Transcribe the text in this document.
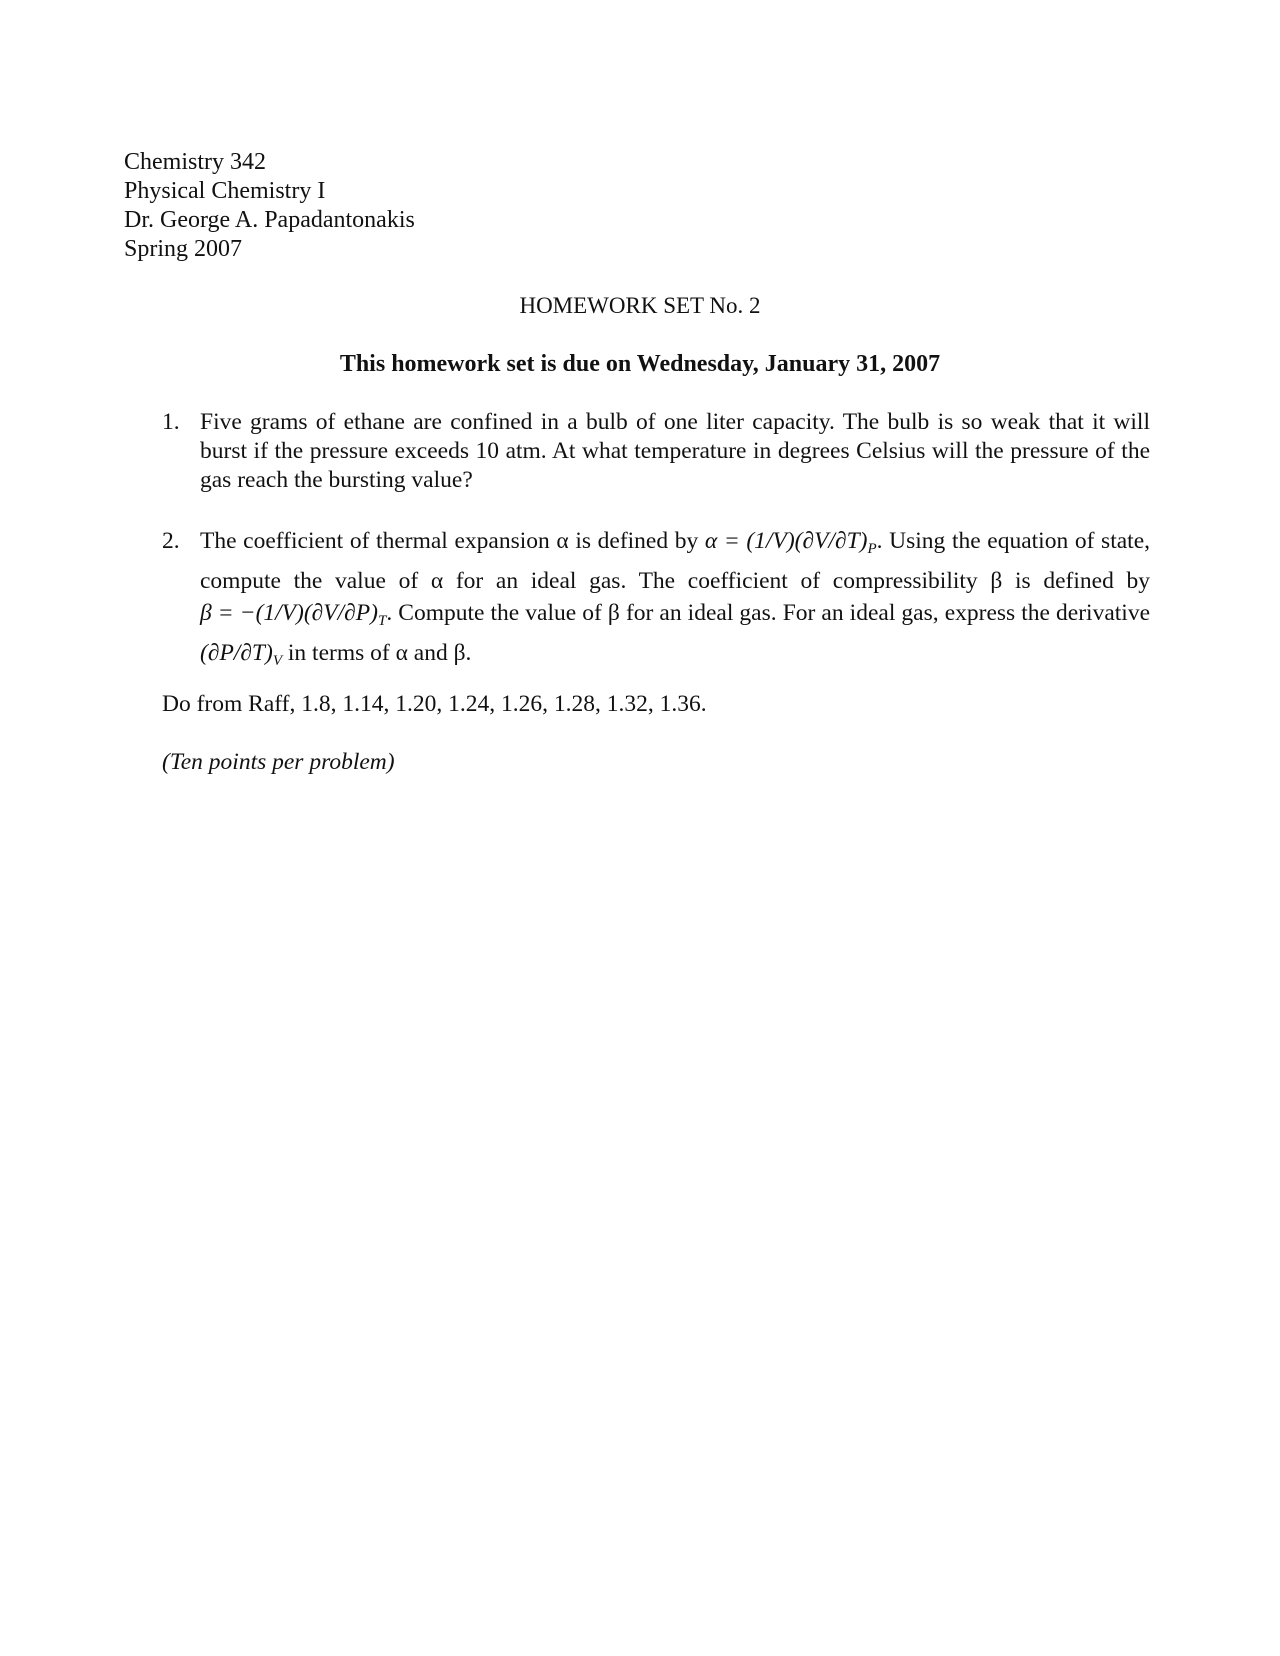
Chemistry 342
Physical Chemistry I
Dr. George A. Papadantonakis
Spring 2007
HOMEWORK SET No. 2
This homework set is due on Wednesday, January 31, 2007
1. Five grams of ethane are confined in a bulb of one liter capacity. The bulb is so weak that it will burst if the pressure exceeds 10 atm. At what temperature in degrees Celsius will the pressure of the gas reach the bursting value?
2. The coefficient of thermal expansion α is defined by $\alpha = (1/V)(\partial V/\partial T)_P$. Using the equation of state, compute the value of α for an ideal gas. The coefficient of compressibility β is defined by $\beta = -(1/V)(\partial V/\partial P)_T$. Compute the value of β for an ideal gas. For an ideal gas, express the derivative $(\partial P/\partial T)_V$ in terms of α and β.
Do from Raff, 1.8, 1.14, 1.20, 1.24, 1.26, 1.28, 1.32, 1.36.
(Ten points per problem)
